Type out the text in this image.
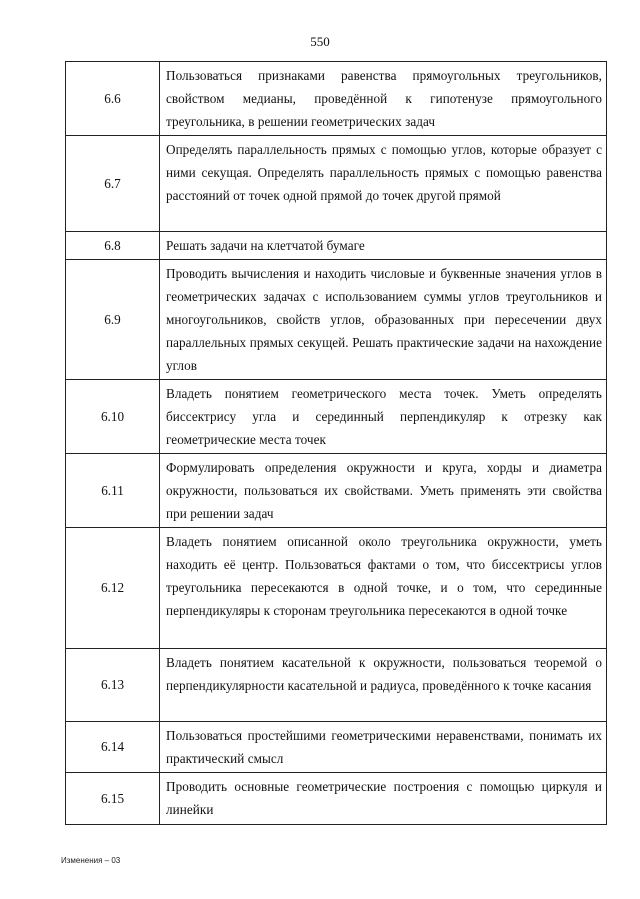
550
6.6	Пользоваться признаками равенства прямоугольных треугольников, свойством медианы, проведённой к гипотенузе прямоугольного треугольника, в решении геометрических задач
6.7	Определять параллельность прямых с помощью углов, которые образует с ними секущая. Определять параллельность прямых с помощью равенства расстояний от точек одной прямой до точек другой прямой
6.8	Решать задачи на клетчатой бумаге
6.9	Проводить вычисления и находить числовые и буквенные значения углов в геометрических задачах с использованием суммы углов треугольников и многоугольников, свойств углов, образованных при пересечении двух параллельных прямых секущей. Решать практические задачи на нахождение углов
6.10	Владеть понятием геометрического места точек. Уметь определять биссектрису угла и серединный перпендикуляр к отрезку как геометрические места точек
6.11	Формулировать определения окружности и круга, хорды и диаметра окружности, пользоваться их свойствами. Уметь применять эти свойства при решении задач
6.12	Владеть понятием описанной около треугольника окружности, уметь находить её центр. Пользоваться фактами о том, что биссектрисы углов треугольника пересекаются в одной точке, и о том, что серединные перпендикуляры к сторонам треугольника пересекаются в одной точке
6.13	Владеть понятием касательной к окружности, пользоваться теоремой о перпендикулярности касательной и радиуса, проведённого к точке касания
6.14	Пользоваться простейшими геометрическими неравенствами, понимать их практический смысл
6.15	Проводить основные геометрические построения с помощью циркуля и линейки
Изменения – 03
